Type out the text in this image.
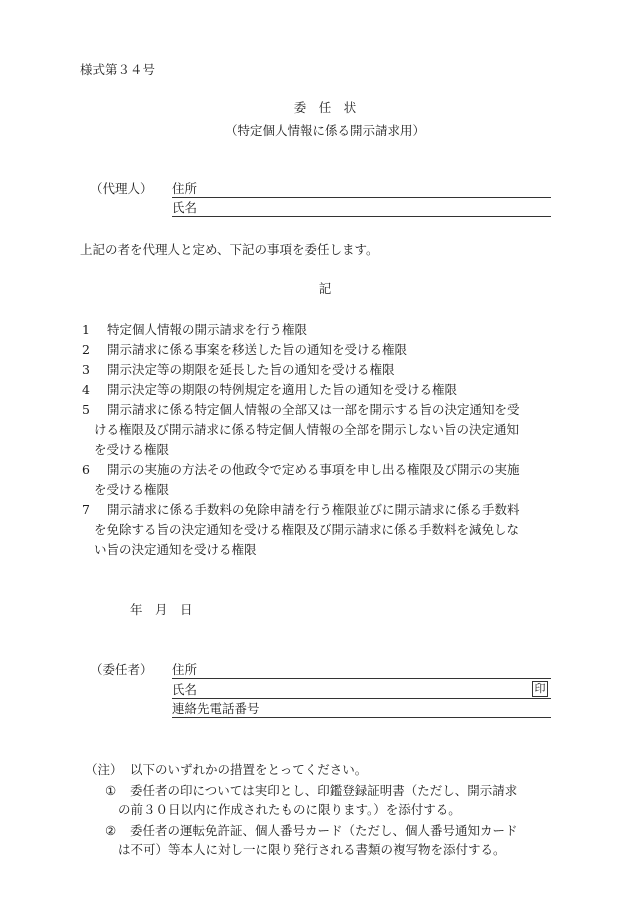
様式第３４号
委　任　状
（特定個人情報に係る開示請求用）
（代理人） 住所
氏名
上記の者を代理人と定め、下記の事項を委任します。
記
1 特定個人情報の開示請求を行う権限
2 開示請求に係る事案を移送した旨の通知を受ける権限
3 開示決定等の期限を延長した旨の通知を受ける権限
4 開示決定等の期限の特例規定を適用した旨の通知を受ける権限
5 開示請求に係る特定個人情報の全部又は一部を開示する旨の決定通知を受
ける権限及び開示請求に係る特定個人情報の全部を開示しない旨の決定通知
を受ける権限
6 開示の実施の方法その他政令で定める事項を申し出る権限及び開示の実施
を受ける権限
7 開示請求に係る手数料の免除申請を行う権限並びに開示請求に係る手数料
を免除する旨の決定通知を受ける権限及び開示請求に係る手数料を減免しな
い旨の決定通知を受ける権限
年　月　日
（委任者） 住所
氏名	印
連絡先電話番号
（注） 以下のいずれかの措置をとってください。
① 委任者の印については実印とし、印鑑登録証明書（ただし、開示請求
の前３０日以内に作成されたものに限ります。）を添付する。
② 委任者の運転免許証、個人番号カード（ただし、個人番号通知カード
は不可）等本人に対し一に限り発行される書類の複写物を添付する。
